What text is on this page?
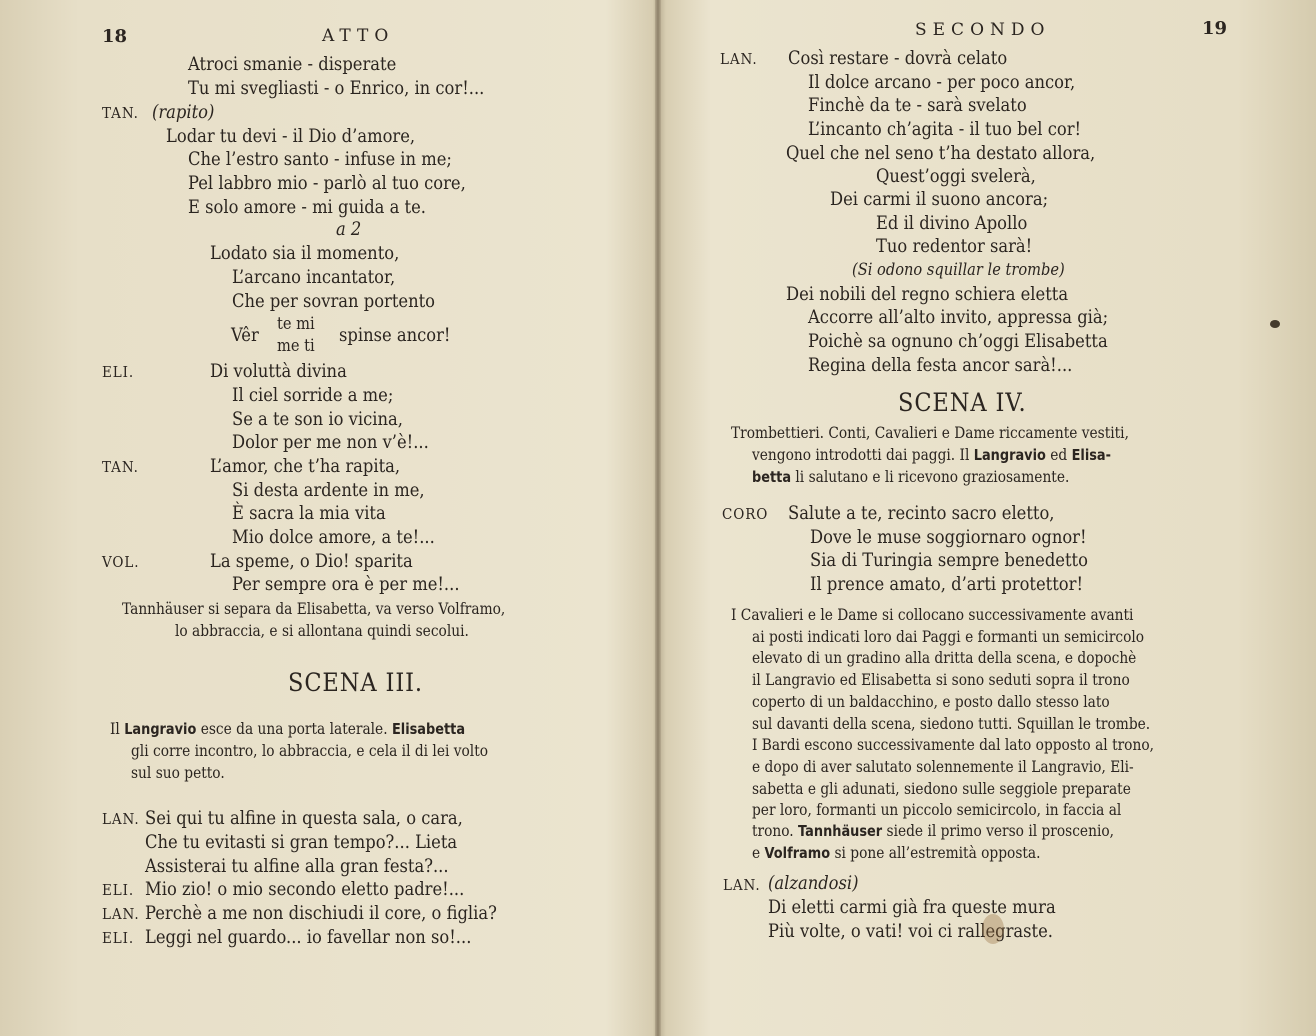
18	ATTO
Atroci smanie - disperate
Tu mi svegliasti - o Enrico, in cor!...
TAN.
Lodar tu devi - il Dio d’amore,
Che l’estro santo - infuse in me;
Pel labbro mio - parlò al tuo core,
E solo amore - mi guida a te.
Lodato sia il momento,
L’arcano incantator,
Che per sovran portento
ELI.	Di voluttà divina
Il ciel sorride a me;
Se a te son io vicina,
Dolor per me non v’è!...
TAN.	L’amor, che t’ha rapita,
Si desta ardente in me,
È sacra la mia vita
Mio dolce amore, a te!...
VOL.	La speme, o Dio! sparita
Per sempre ora è per me!...
(rapito)
a 2
Vêr te mi
me ti spinse ancor!
Tannhäuser si separa da Elisabetta, va verso Volframo,
lo abbraccia, e si allontana quindi secolui.
SCENA III.
Il Langravio esce da una porta laterale. Elisabetta
gli corre incontro, lo abbraccia, e cela il di lei volto
sul suo petto.
LAN. Sei qui tu alfine in questa sala, o cara,
Che tu evitasti si gran tempo?... Lieta
Assisterai tu alfine alla gran festa?...
ELI. Mio zio! o mio secondo eletto padre!...
LAN. Perchè a me non dischiudi il core, o figlia?
ELI. Leggi nel guardo... io favellar non so!...
SECONDO	19
LAN. Così restare - dovrà celato
Il dolce arcano - per poco ancor,
Finchè da te - sarà svelato
L’incanto ch’agita - il tuo bel cor!
Quel che nel seno t’ha destato allora,
Quest’oggi svelerà,
Dei carmi il suono ancora;
Ed il divino Apollo
Tuo redentor sarà!
Dei nobili del regno schiera eletta
Accorre all’alto invito, appressa già;
Poichè sa ognuno ch’oggi Elisabetta
Regina della festa ancor sarà!...
(Si odono squillar le trombe)
SCENA IV.
Trombettieri. Conti, Cavalieri e Dame riccamente vestiti,
vengono introdotti dai paggi. Il Langravio ed Elisa-
betta li salutano e li ricevono graziosamente.
CORO Salute a te, recinto sacro eletto,
Dove le muse soggiornaro ognor!
Sia di Turingia sempre benedetto
Il prence amato, d’arti protettor!
I Cavalieri e le Dame si collocano successivamente avanti
ai posti indicati loro dai Paggi e formanti un semicircolo
elevato di un gradino alla dritta della scena, e dopochè
il Langravio ed Elisabetta si sono seduti sopra il trono
coperto di un baldacchino, e posto dallo stesso lato
sul davanti della scena, siedono tutti. Squillan le trombe.
I Bardi escono successivamente dal lato opposto al trono,
e dopo di aver salutato solennemente il Langravio, Eli-
sabetta e gli adunati, siedono sulle seggiole preparate
per loro, formanti un piccolo semicircolo, in faccia al
trono. Tannhäuser siede il primo verso il proscenio,
e Volframo si pone all’estremità opposta.
LAN. (alzandosi)
Di eletti carmi già fra queste mura
Più volte, o vati! voi ci rallegraste.
